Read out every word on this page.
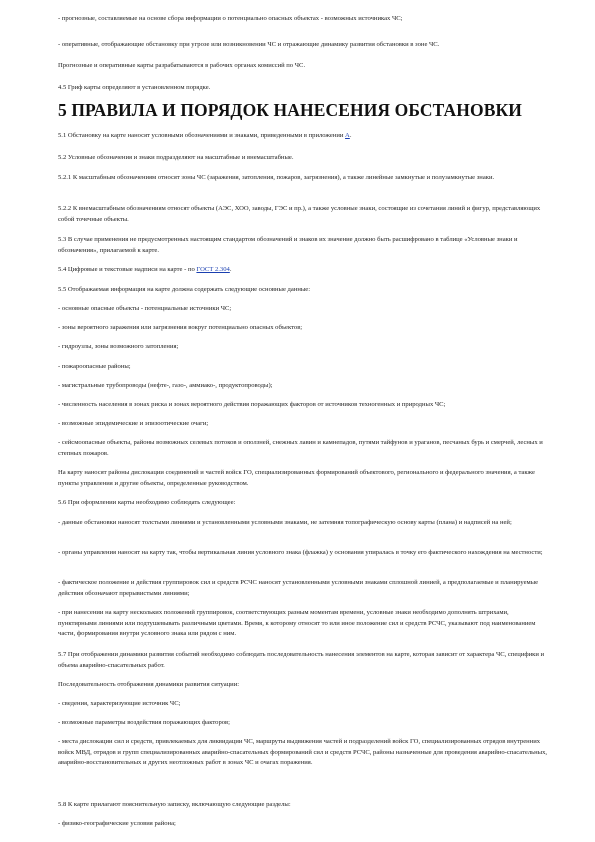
- прогнозные, составляемые на основе сбора информации о потенциально опасных объектах - возможных источниках ЧС;
- оперативные, отображающие обстановку при угрозе или возникновении ЧС и отражающие динамику развития обстановки в зоне ЧС.
Прогнозные и оперативные карты разрабатываются в рабочих органах комиссий по ЧС.
4.5 Гриф карты определяют в установленном порядке.
5 ПРАВИЛА И ПОРЯДОК НАНЕСЕНИЯ ОБСТАНОВКИ
5.1 Обстановку на карте наносят условными обозначениями и знаками, приведенными в приложении А.
5.2 Условные обозначения и знаки подразделяют на масштабные и внемасштабные.
5.2.1 К масштабным обозначениям относят зоны ЧС (заражения, затопления, пожаров, загрязнения), а также линейные замкнутые и полузамкнутые знаки.
5.2.2 К внемасштабным обозначениям относят объекты (АЭС, ХОО, заводы, ГЭС и пр.), а также условные знаки, состоящие из сочетания линий и фигур, представляющих собой точечные объекты.
5.3 В случае применения не предусмотренных настоящим стандартом обозначений и знаков их значение должно быть расшифровано в таблице «Условные знаки и обозначения», прилагаемой к карте.
5.4 Цифровые и текстовые надписи на карте - по ГОСТ 2.304.
5.5 Отображаемая информация на карте должна содержать следующие основные данные:
- основные опасные объекты - потенциальные источники ЧС;
- зоны вероятного заражения или загрязнения вокруг потенциально опасных объектов;
- гидроузлы, зоны возможного затопления;
- пожароопасные районы;
- магистральные трубопроводы (нефте-, газо-, аммиако-, продуктопроводы);
- численность населения в зонах риска и зонах вероятного действия поражающих факторов от источников техногенных и природных ЧС;
- возможные эпидемические и эпизоотические очаги;
- сейсмоопасные объекты, районы возможных селевых потоков и оползней, снежных лавин и камнепадов, путями тайфунов и ураганов, песчаных бурь и смерчей, лесных и степных пожаров.
На карту наносят районы дислокации соединений и частей войск ГО, специализированных формирований объектового, регионального и федерального значения, а также пункты управления и другие объекты, определенные руководством.
5.6 При оформлении карты необходимо соблюдать следующее:
- данные обстановки наносят толстыми линиями и установленными условными знаками, не затемняя топографическую основу карты (плана) и надписей на ней;
- органы управления наносят на карту так, чтобы вертикальная линия условного знака (флажка) у основания упиралась в точку его фактического нахождения на местности;
- фактическое положение и действия группировок сил и средств РСЧС наносят установленными условными знаками сплошной линией, а предполагаемые и планируемые действия обозначают прерывистыми линиями;
- при нанесении на карту нескольких положений группировок, соответствующих разным моментам времени, условные знаки необходимо дополнять штрихами, пунктирными линиями или подтушевывать различными цветами. Время, к которому относят то или иное положение сил и средств РСЧС, указывают под наименованием части, формирования внутри условного знака или рядом с ним.
5.7 При отображении динамики развития событий необходимо соблюдать последовательность нанесения элементов на карте, которая зависит от характера ЧС, специфики и объема аварийно-спасательных работ.
Последовательность отображения динамики развития ситуации:
- сведения, характеризующие источник ЧС;
- возможные параметры воздействия поражающих факторов;
- места дислокации сил и средств, привлекаемых для ликвидации ЧС, маршруты выдвижения частей и подразделений войск ГО, специализированных отрядов внутренних войск МВД, отрядов и групп специализированных аварийно-спасательных формирований сил и средств РСЧС, районы назначенные для проведения аварийно-спасательных, аварийно-восстановительных и других неотложных работ в зонах ЧС и очагах поражения.
5.8 К карте прилагают пояснительную записку, включающую следующие разделы:
- физико-географические условия района;
